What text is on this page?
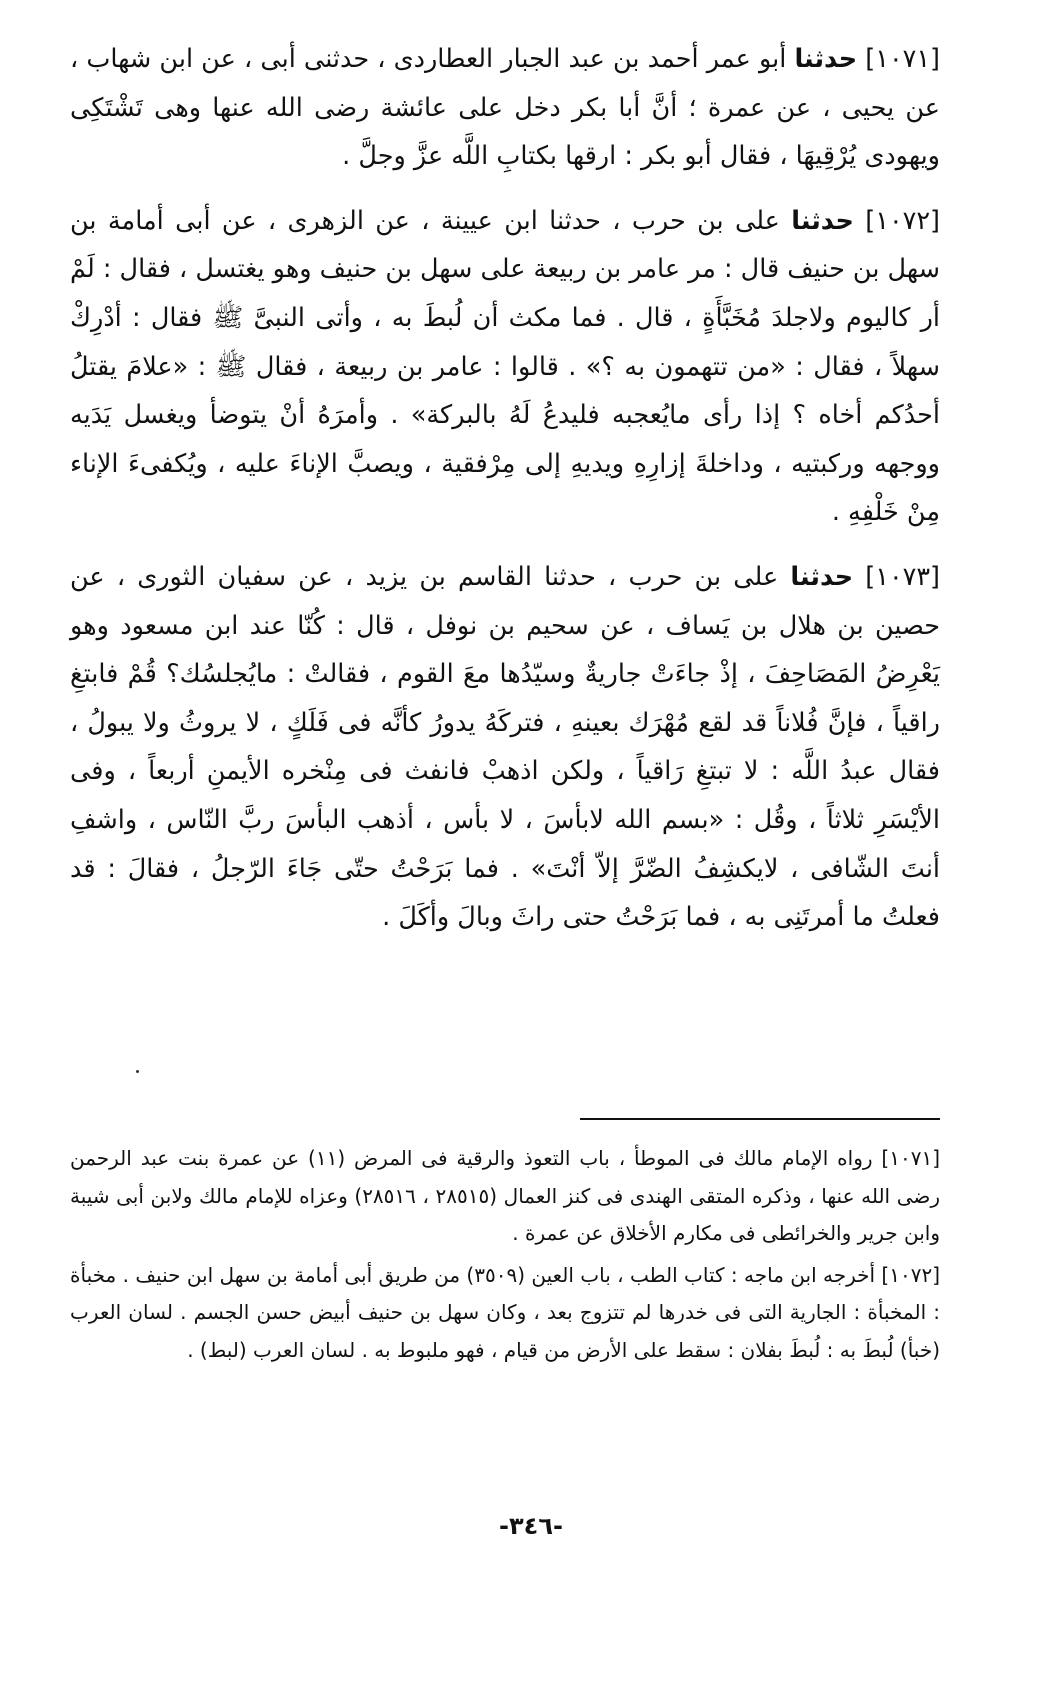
[١٠٧١] حدثنا أبو عمر أحمد بن عبد الجبار العطاردى ، حدثنى أبى ، عن ابن شهاب ، عن يحيى ، عن عمرة ؛ أنَّ أبا بكر دخل على عائشة رضى الله عنها وهى تَشْتَكِى ويهودى يُرْقِيهَا ، فقال أبو بكر : ارقها بكتابِ اللَّه عزَّ وجلَّ .

[١٠٧٢] حدثنا على بن حرب ، حدثنا ابن عيينة ، عن الزهرى ، عن أبى أمامة بن سهل بن حنيف قال : مر عامر بن ربيعة على سهل بن حنيف وهو يغتسل ، فقال : لَمْ أر كاليوم ولاجلدَ مُخَبَّأَةٍ ، قال . فما مكث أن لُبطَ به ، وأتى النبىَّ ﷺ فقال : أدْرِكْ سهلاً ، فقال : «من تتهمون به ؟» . قالوا : عامر بن ربيعة ، فقال ﷺ : «علامَ يقتلُ أحدُكم أخاه ؟ إذا رأى مايُعجبه فليدعُ لَهُ بالبركة» . وأمرَهُ أنْ يتوضأ ويغسل يَدَيه ووجهه وركبتيه ، وداخلةَ إزارِهِ ويديهِ إلى مِرْفقية ، ويصبَّ الإناءَ عليه ، ويُكفىءَ الإناء مِنْ خَلْفِهِ .

[١٠٧٣] حدثنا على بن حرب ، حدثنا القاسم بن يزيد ، عن سفيان الثورى ، عن حصين بن هلال بن يَساف ، عن سحيم بن نوفل ، قال : كُنّا عند ابن مسعود وهو يَعْرِضُ المَصَاحِفَ ، إذْ جاءَتْ جاريةٌ وسيّدُها معَ القوم ، فقالتْ : مايُجلسُك؟ قُمْ فابتغِ راقياً ، فإنَّ فُلاناً قد لقع مُهْرَك بعينهِ ، فتركَهُ يدورُ كأنَّه فى فَلَكٍ ، لا يروثُ ولا يبولُ ، فقال عبدُ اللَّه : لا تبتغِ رَاقياً ، ولكن اذهبْ فانفث فى مِنْخره الأيمنِ أربعاً ، وفى الأيْسَرِ ثلاثاً ، وقُل : «بسم الله لابأسَ ، لا بأس ، أذهب البأسَ ربَّ النّاس ، واشفِ أنتَ الشّافى ، لايكشِفُ الضّرَّ إلاّ أنْتَ» . فما بَرَحْتُ حتّى جَاءَ الرّجلُ ، فقالَ : قد فعلتُ ما أمرتَنِى به ، فما بَرَحْتُ حتى راثَ وبالَ وأكَلَ .

[١٠٧١] رواه الإمام مالك فى الموطأ ، باب التعوذ والرقية فى المرض (١١) عن عمرة بنت عبد الرحمن رضى الله عنها ، وذكره المتقى الهندى فى كنز العمال (٢٨٥١٥ ، ٢٨٥١٦) وعزاه للإمام مالك ولابن أبى شيبة وابن جرير والخرائطى فى مكارم الأخلاق عن عمرة .

[١٠٧٢] أخرجه ابن ماجه : كتاب الطب ، باب العين (٣٥٠٩) من طريق أبى أمامة بن سهل ابن حنيف . مخبأة : المخبأة : الجارية التى فى خدرها لم تتزوج بعد ، وكان سهل بن حنيف أبيض حسن الجسم . لسان العرب (خبأ) لُبطَ به : لُبطَ بفلان : سقط على الأرض من قيام ، فهو ملبوط به . لسان العرب (لبط) .

-٣٤٦-
